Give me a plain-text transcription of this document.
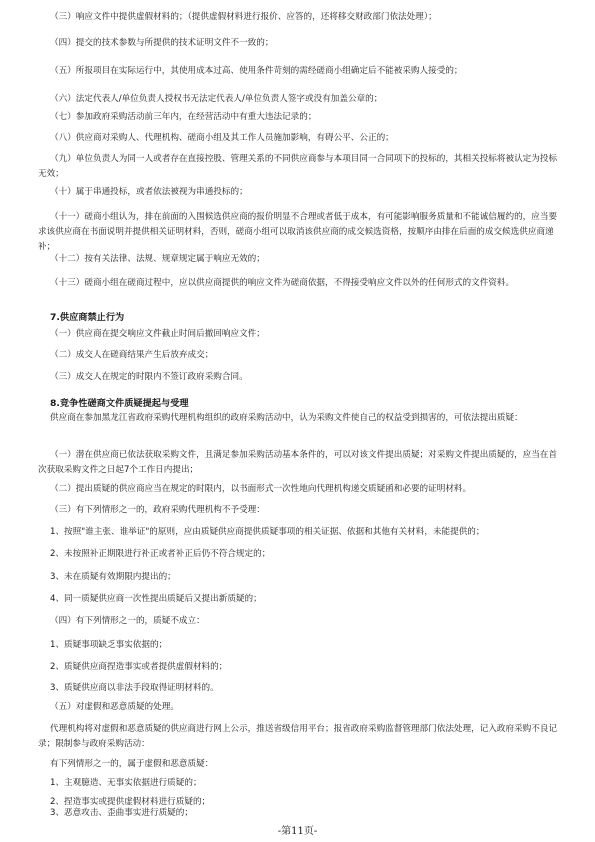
（三）响应文件中提供虚假材料的；（提供虚假材料进行报价、应答的，还将移交财政部门依法处理）；
（四）提交的技术参数与所提供的技术证明文件不一致的；
（五）所报项目在实际运行中，其使用成本过高、使用条件苛刻的需经磋商小组确定后不能被采购人接受的；
（六）法定代表人/单位负责人授权书无法定代表人/单位负责人签字或没有加盖公章的；
（七）参加政府采购活动前三年内，在经营活动中有重大违法记录的；
（八）供应商对采购人、代理机构、磋商小组及其工作人员施加影响，有碍公平、公正的；
（九）单位负责人为同一人或者存在直接控股、管理关系的不同供应商参与本项目同一合同项下的投标的，其相关投标将被认定为投标无效；
（十）属于串通投标，或者依法被视为串通投标的；
（十一）磋商小组认为，排在前面的入围候选供应商的报价明显不合理或者低于成本，有可能影响服务质量和不能诚信履约的，应当要求该供应商在书面说明并提供相关证明材料，否则，磋商小组可以取消该供应商的成交候选资格，按顺序由排在后面的成交候选供应商递补；
（十二）按有关法律、法规、规章规定属于响应无效的；
（十三）磋商小组在磋商过程中，应以供应商提供的响应文件为磋商依据，不得接受响应文件以外的任何形式的文件资料。
7.供应商禁止行为
（一）供应商在提交响应文件截止时间后撤回响应文件；
（二）成交人在磋商结果产生后放弃成交；
（三）成交人在规定的时限内不签订政府采购合同。
8.竞争性磋商文件质疑提起与受理
供应商在参加黑龙江省政府采购代理机构组织的政府采购活动中，认为采购文件使自己的权益受到损害的，可依法提出质疑：
（一）潜在供应商已依法获取采购文件，且满足参加采购活动基本条件的，可以对该文件提出质疑；对采购文件提出质疑的，应当在首次获取采购文件之日起7个工作日内提出；
（二）提出质疑的供应商应当在规定的时限内，以书面形式一次性地向代理机构递交质疑函和必要的证明材料。
（三）有下列情形之一的，政府采购代理机构不予受理：
1、按照"谁主张、谁举证"的原则，应由质疑供应商提供质疑事项的相关证据、依据和其他有关材料，未能提供的；
2、未按照补正期限进行补正或者补正后仍不符合规定的；
3、未在质疑有效期限内提出的；
4、同一质疑供应商一次性提出质疑后又提出新质疑的；
（四）有下列情形之一的，质疑不成立：
1、质疑事项缺乏事实依据的；
2、质疑供应商捏造事实或者提供虚假材料的；
3、质疑供应商以非法手段取得证明材料的。
（五）对虚假和恶意质疑的处理。
代理机构将对虚假和恶意质疑的供应商进行网上公示，推送省级信用平台；报省政府采购监督管理部门依法处理，记入政府采购不良记录；限制参与政府采购活动：
有下列情形之一的，属于虚假和恶意质疑：
1、主观臆造、无事实依据进行质疑的；
2、捏造事实或提供虚假材料进行质疑的；
3、恶意攻击、歪曲事实进行质疑的；
-第11页-
